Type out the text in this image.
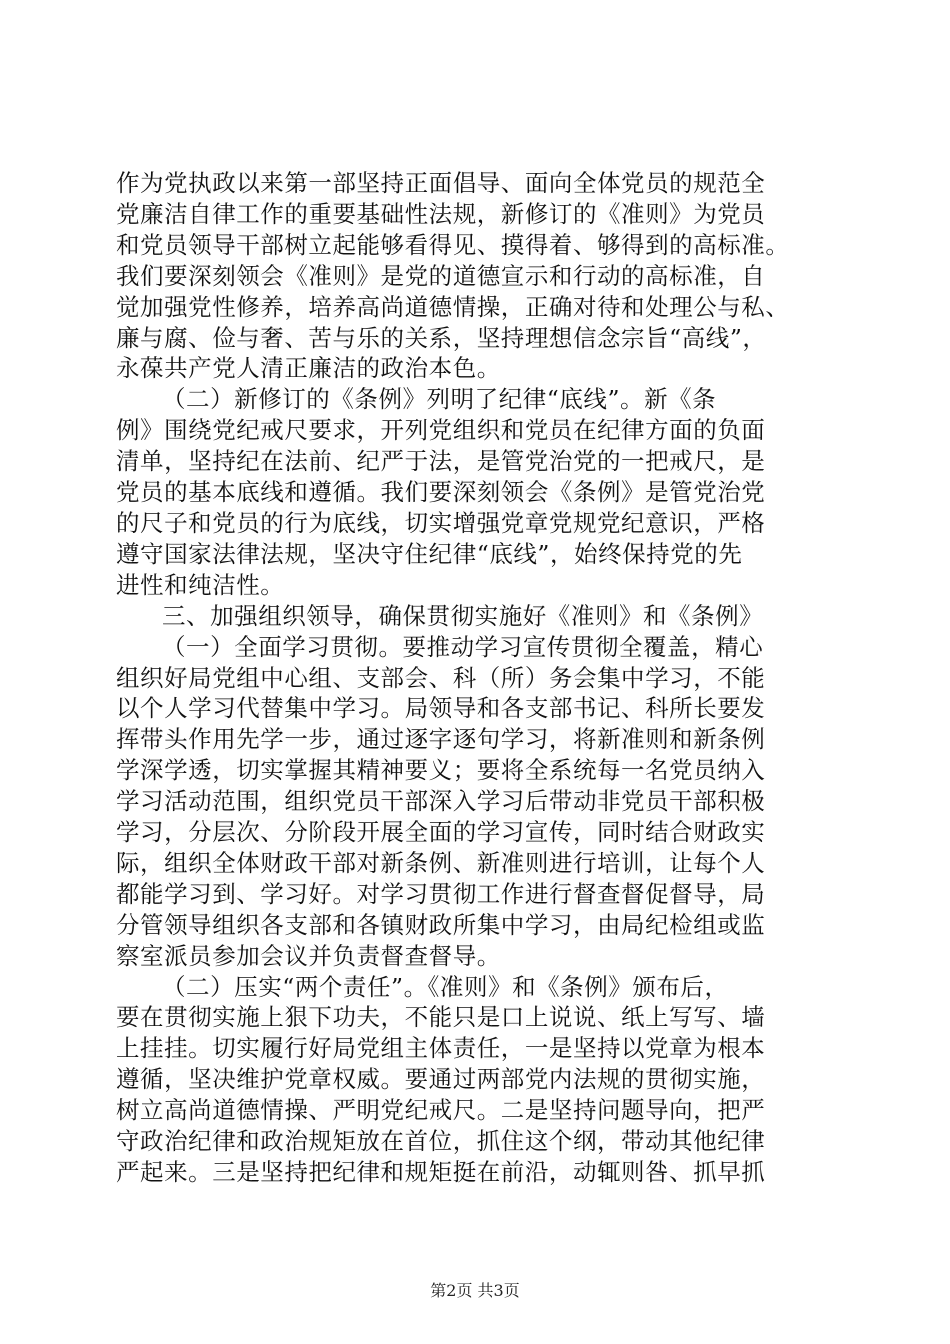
作为党执政以来第一部坚持正面倡导、面向全体党员的规范全
党廉洁自律工作的重要基础性法规，新修订的《准则》为党员
和党员领导干部树立起能够看得见、摸得着、够得到的高标准。
我们要深刻领会《准则》是党的道德宣示和行动的高标准，自
觉加强党性修养，培养高尚道德情操，正确对待和处理公与私、
廉与腐、俭与奢、苦与乐的关系，坚持理想信念宗旨“高线”，
永葆共产党人清正廉洁的政治本色。

（二）新修订的《条例》列明了纪律“底线”。新《条
例》围绕党纪戒尺要求，开列党组织和党员在纪律方面的负面
清单，坚持纪在法前、纪严于法，是管党治党的一把戒尺，是
党员的基本底线和遵循。我们要深刻领会《条例》是管党治党
的尺子和党员的行为底线，切实增强党章党规党纪意识，严格
遵守国家法律法规，坚决守住纪律“底线”，始终保持党的先
进性和纯洁性。

三、加强组织领导，确保贯彻实施好《准则》和《条例》

（一）全面学习贯彻。要推动学习宣传贯彻全覆盖，精心
组织好局党组中心组、支部会、科（所）务会集中学习，不能
以个人学习代替集中学习。局领导和各支部书记、科所长要发
挥带头作用先学一步，通过逐字逐句学习，将新准则和新条例
学深学透，切实掌握其精神要义；要将全系统每一名党员纳入
学习活动范围，组织党员干部深入学习后带动非党员干部积极
学习，分层次、分阶段开展全面的学习宣传，同时结合财政实
际，组织全体财政干部对新条例、新准则进行培训，让每个人
都能学习到、学习好。对学习贯彻工作进行督查督促督导，局
分管领导组织各支部和各镇财政所集中学习，由局纪检组或监
察室派员参加会议并负责督查督导。

（二）压实“两个责任”。《准则》和《条例》颁布后，
要在贯彻实施上狠下功夫，不能只是口上说说、纸上写写、墙
上挂挂。切实履行好局党组主体责任，一是坚持以党章为根本
遵循，坚决维护党章权威。要通过两部党内法规的贯彻实施，
树立高尚道德情操、严明党纪戒尺。二是坚持问题导向，把严
守政治纪律和政治规矩放在首位，抓住这个纲，带动其他纪律
严起来。三是坚持把纪律和规矩挺在前沿，动辄则咎、抓早抓

第2页 共3页
